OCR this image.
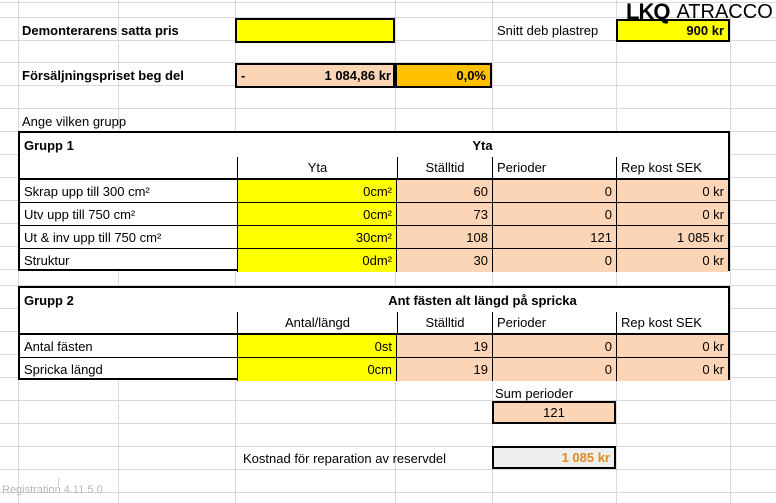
LKQ ATRACCO
Demonterarens satta pris	Snitt deb plastrep	900 kr
Försäljningspriset beg del	-	1 084,86 kr	0,0%
Ange vilken grupp
Grupp 1	Yta
Yta	Ställtid	Perioder	Rep kost SEK
Skrap upp till 300 cm²	0cm²	60	0	0 kr
Utv upp till 750 cm²	0cm²	73	0	0 kr
Ut & inv upp till 750 cm²	30cm²	108	121	1 085 kr
Struktur	0dm²	30	0	0 kr
Grupp 2	Ant fästen alt längd på spricka
Antal/längd	Ställtid	Perioder	Rep kost SEK
Antal fästen	0st	19	0	0 kr
Spricka längd	0cm	19	0	0 kr
Sum perioder
121
Kostnad för reparation av reservdel	1 085 kr
Registration 4.11.5.0
